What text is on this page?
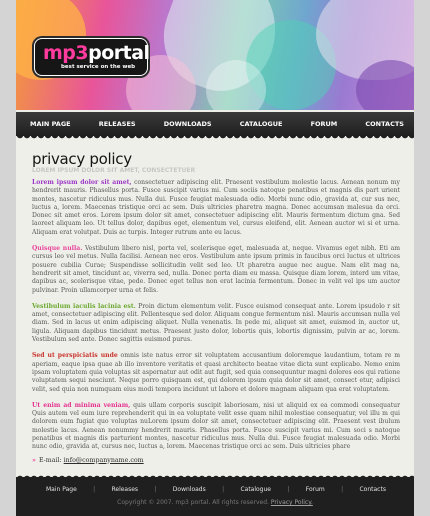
mp3portal
best service on the web
MAIN PAGE	RELEASES	DOWNLOADS	CATALOGUE	FORUM	CONTACTS
privacy policy
LOREM IPSUM DOLOR SIT AMET, CONSECTETUER

Lorem ipsum dolor sit amet, consectetuer adipiscing elit. Praesent vestibulum molestie lacus. Aenean nonum my hendrerit mauris. Phasellus porta. Fusce suscipit varius mi. Cum sociis natoque penatibus et magnis dis part urient montes, nascetur ridiculus mus. Nulla dui. Fusce feugiat malesuada odio. Morbi nunc odio, gravida at, cur sus nec, luctus a, lorem. Maecenas tristique orci ac sem. Duis ultricies pharetra magna. Donec accumsan malesua da orci. Donec sit amet eros. Lorem ipsum dolor sit amet, consectetuer adipiscing elit. Mauris fermentum dictum gna. Sed laoreet aliquam leo. Ut tellus dolor, dapibus eget, elementum vel, cursus eleifend, elit. Aenean auctor wi si et urna. Aliquam erat volutpat. Duis ac turpis. Integer rutrum ante eu lacus.

Quisque nulla. Vestibulum libero nisl, porta vel, scelerisque eget, malesuada at, neque. Vivamus eget nibh. Eti am cursus leo vel metus. Nulla facilisi. Aenean nec eros. Vestibulum ante ipsum primis in faucibus orci luctus et ultrices posuere cubilia Curae; Suspendisse sollicitudin velit sed leo. Ut pharetra augue nec augue. Nam elit mag na, hendrerit sit amet, tincidunt ac, viverra sed, nulla. Donec porta diam eu massa. Quisque diam lorem, interd um vitae, dapibus ac, scelerisque vitae, pede. Donec eget tellus non erat lacinia fermentum. Donec in velit vel ips um auctor pulvinar. Proin ullamcorper urna et felis.

Vestibulum iaculis lacinia est. Proin dictum elementum velit. Fusce euismod consequat ante. Lorem ipsudolo r sit amet, consectetuer adipiscing elit. Pellentesque sed dolor. Aliquam congue fermentum nisl. Mauris accumsan nulla vel diam. Sed in lacus ut enim adipiscing aliquet. Nulla venenatis. In pede mi, aliquet sit amet, euismod in, auctor ut, ligula. Aliquam dapibus tincidunt metus. Praesent justo dolor, lobortis quis, lobortis dignissim, pulvin ar ac, lorem. Vestibulum sed ante. Donec sagittis euismod purus.

Sed ut perspiciatis unde omnis iste natus error sit voluptatem accusantium doloremque laudantium, totam re m aperiam, eaque ipsa quae ab illo inventore veritatis et quasi architecto beatae vitae dicta sunt explicabo. Nemo enim ipsam voluptatem quia voluptas sit aspernatur aut odit aut fugit, sed quia consequuntur magni dolores eos qui ratione voluptatem sequi nesciunt. Neque porro quisquam est, qui dolorem ipsum quia dolor sit amet, consect etur, adipisci velit, sed quia non numquam eius modi tempora incidunt ut labore et dolore magnam aliquam qua erat voluptatem.

Ut enim ad minima veniam, quis ullam corporis suscipit laboriosam, nisi ut aliquid ex ea commodi consequatur Quis autem vel eum iure reprehenderit qui in ea voluptate velit esse quam nihil molestiae consequatur, vel illu m qui dolorem eum fugiat quo voluptas nuLorem ipsum dolor sit amet, consectetuer adipiscing elit. Praesent vest ibulum molestie lacus. Aenean nonummy hendrerit mauris. Phasellus porta. Fusce suscipit varius mi. Cum soci s natoque penatibus et magnis dis parturient montes, nascetur ridiculus mus. Nulla dui. Fusce feugiat malesuada odio. Morbi nunc odio, gravida at, cursus nec, luctus a, lorem. Maecenas tristique orci ac sem. Duis ultricies phare

» E-mail: info@companyname.com
Main Page	|	Releases	|	Downloads	|	Catalogue	|	Forum	|	Contacts
Copyright © 2007. mp3 portal. All rights reserved. Privacy Policy.
